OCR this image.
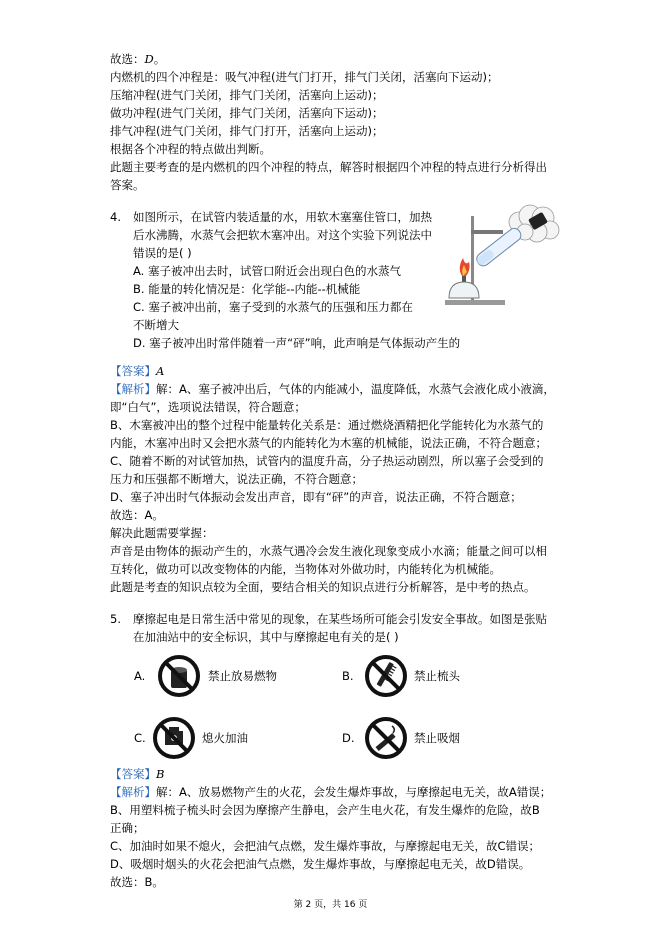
故选：D。
内燃机的四个冲程是：吸气冲程(进气门打开，排气门关闭，活塞向下运动)；
压缩冲程(进气门关闭，排气门关闭，活塞向上运动)；
做功冲程(进气门关闭，排气门关闭，活塞向下运动)；
排气冲程(进气门关闭，排气门打开，活塞向上运动)；
根据各个冲程的特点做出判断。
此题主要考查的是内燃机的四个冲程的特点，解答时根据四个冲程的特点进行分析得出
答案。
4. 如图所示，在试管内装适量的水，用软木塞塞住管口，加热
后水沸腾，水蒸气会把软木塞冲出。对这个实验下列说法中
错误的是( )
A. 塞子被冲出去时，试管口附近会出现白色的水蒸气
B. 能量的转化情况是：化学能--内能--机械能
C. 塞子被冲出前，塞子受到的水蒸气的压强和压力都在
不断增大
D. 塞子被冲出时常伴随着一声“砰”响，此声响是气体振动产生的
【答案】A
【解析】解：A、塞子被冲出后，气体的内能减小，温度降低，水蒸气会液化成小液滴，
即“白气”，选项说法错误，符合题意；
B、木塞被冲出的整个过程中能量转化关系是：通过燃烧酒精把化学能转化为水蒸气的
内能，木塞冲出时又会把水蒸气的内能转化为木塞的机械能，说法正确，不符合题意；
C、随着不断的对试管加热，试管内的温度升高，分子热运动剧烈，所以塞子会受到的
压力和压强都不断增大，说法正确，不符合题意；
D、塞子冲出时气体振动会发出声音，即有“砰”的声音，说法正确，不符合题意；
故选：A。
解决此题需要掌握：
声音是由物体的振动产生的，水蒸气遇冷会发生液化现象变成小水滴；能量之间可以相
互转化，做功可以改变物体的内能，当物体对外做功时，内能转化为机械能。
此题是考查的知识点较为全面，要结合相关的知识点进行分析解答，是中考的热点。
5. 摩擦起电是日常生活中常见的现象，在某些场所可能会引发安全事故。如图是张贴
在加油站中的安全标识，其中与摩擦起电有关的是( )
A.	禁止放易燃物	B.	禁止梳头
C.	熄火加油	D.	禁止吸烟
【答案】B
【解析】解：A、放易燃物产生的火花，会发生爆炸事故，与摩擦起电无关，故A错误；
B、用塑料梳子梳头时会因为摩擦产生静电，会产生电火花，有发生爆炸的危险，故B
正确；
C、加油时如果不熄火，会把油气点燃，发生爆炸事故，与摩擦起电无关，故C错误；
D、吸烟时烟头的火花会把油气点燃，发生爆炸事故，与摩擦起电无关，故D错误。
故选：B。
第 2 页，共 16 页
